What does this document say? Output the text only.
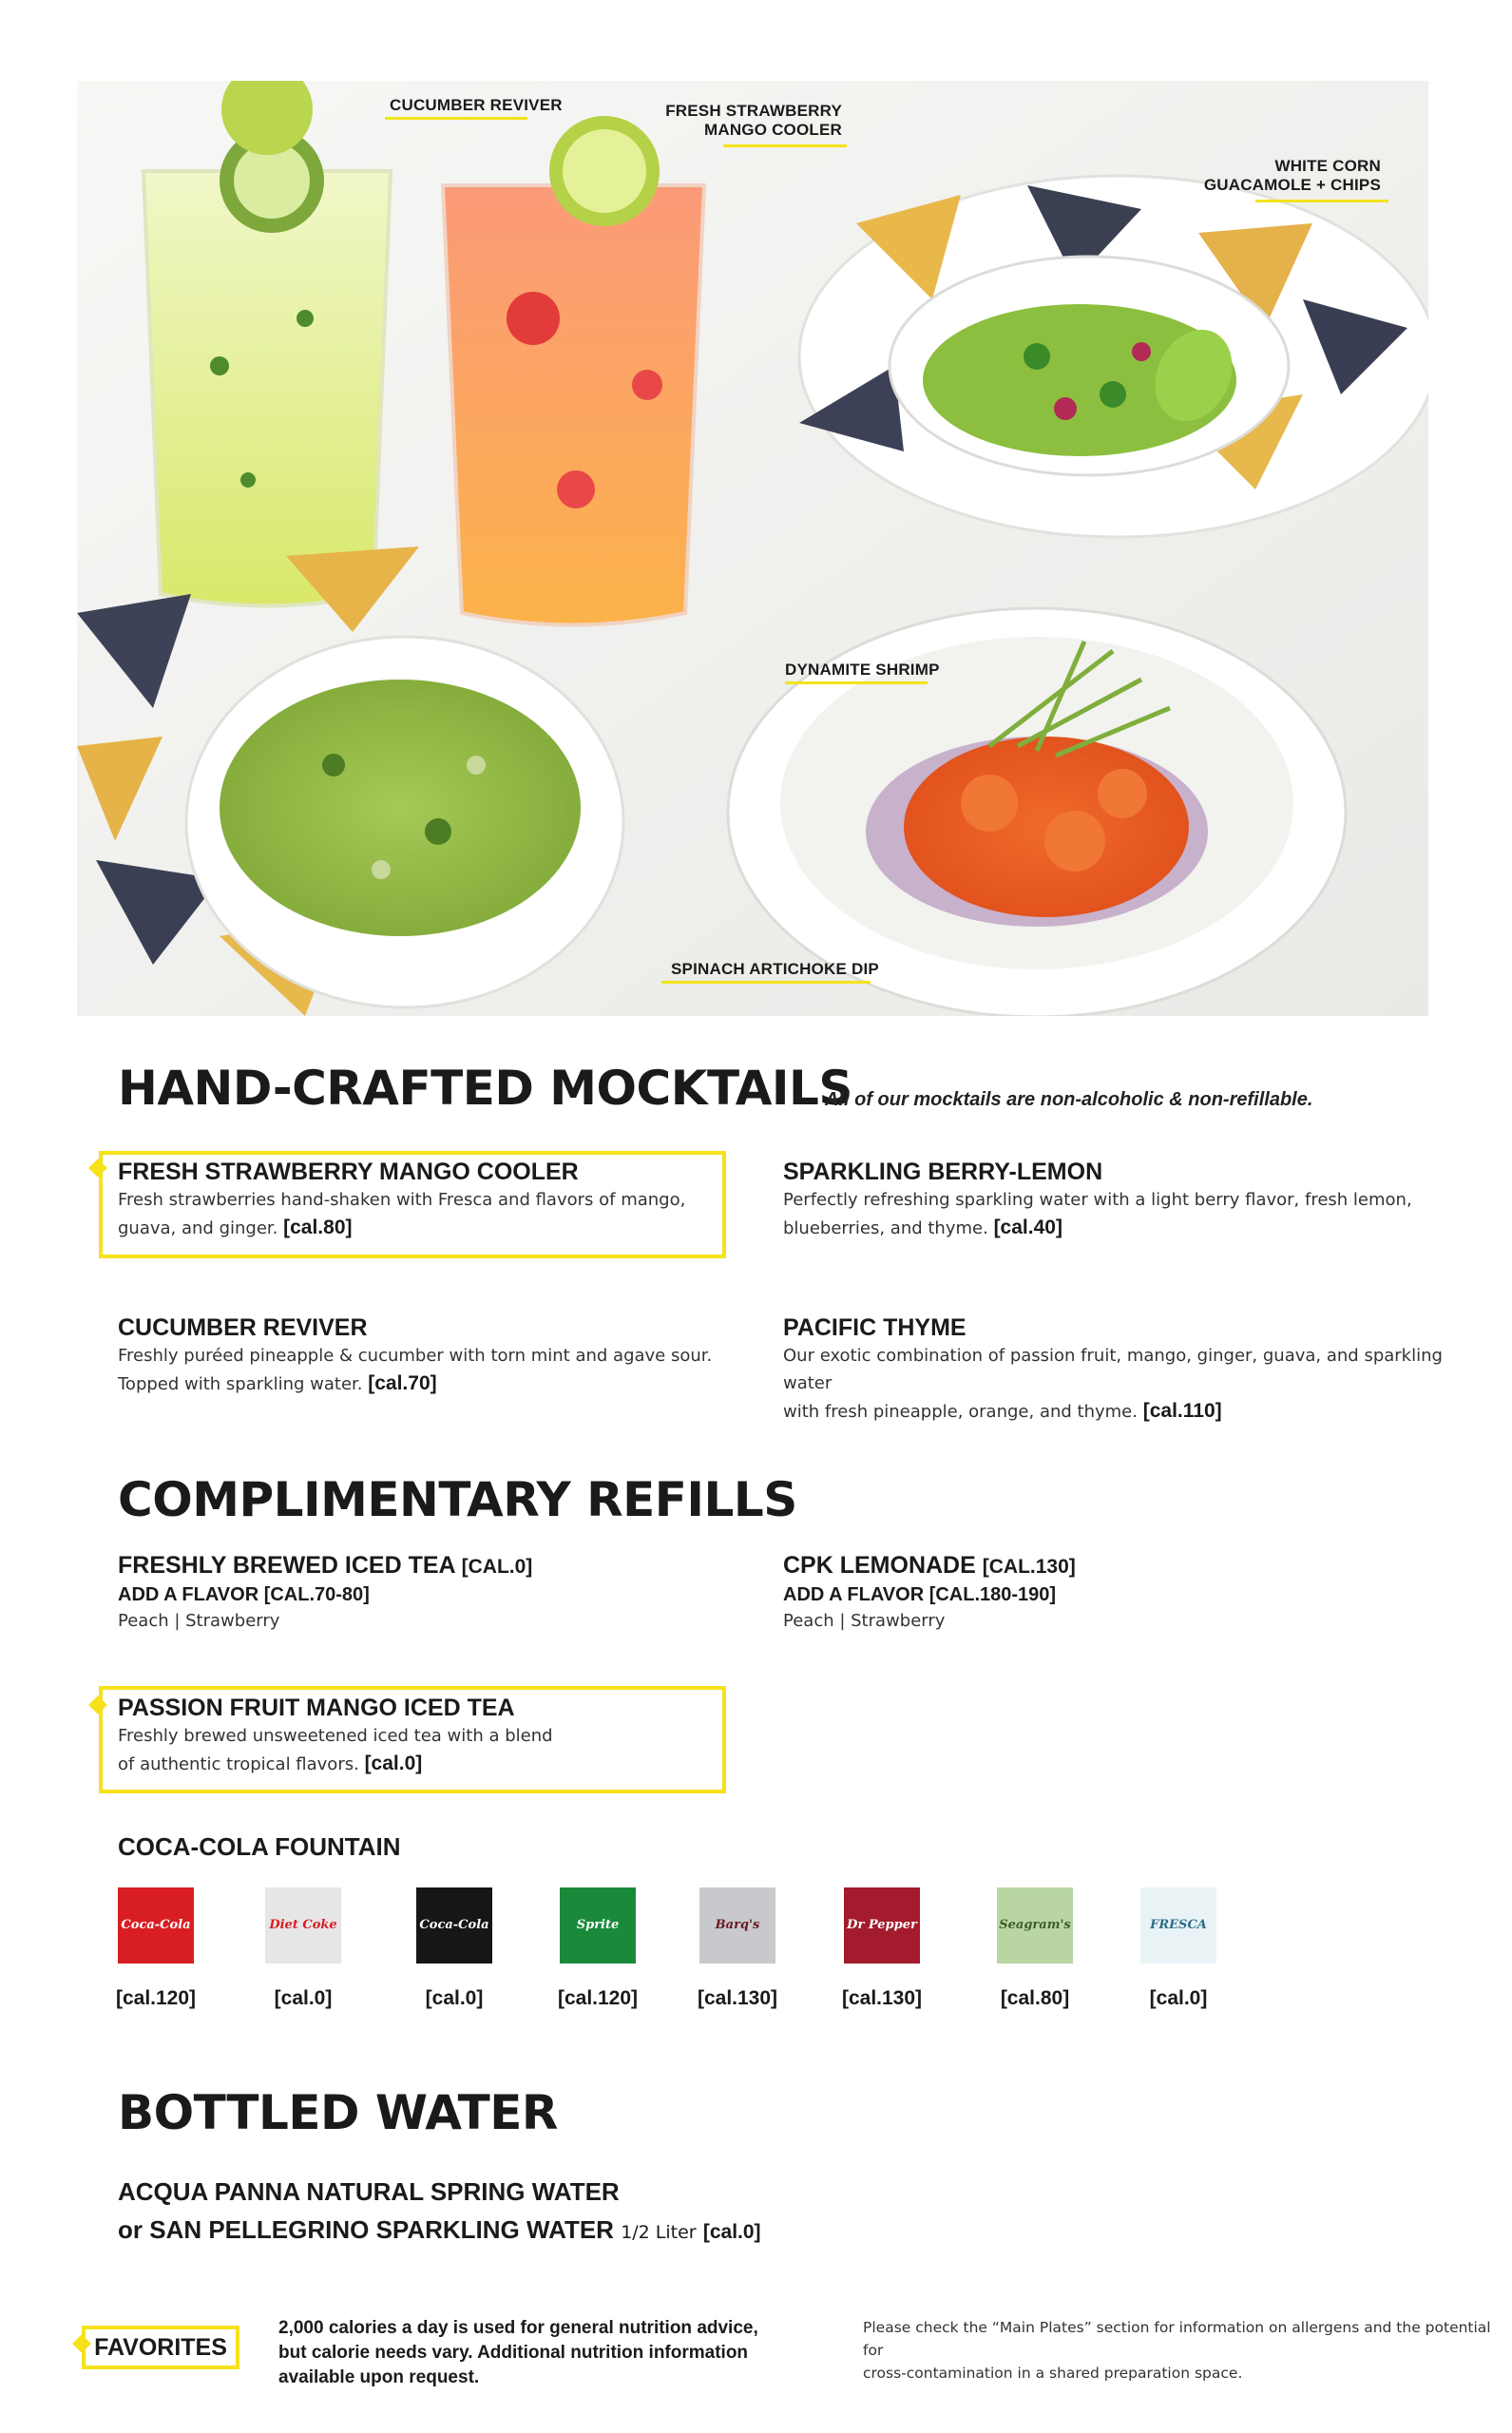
CUCUMBER REVIVER	FRESH STRAWBERRY
MANGO COOLER
WHITE CORN
GUACAMOLE + CHIPS
DYNAMITE SHRIMP
SPINACH ARTICHOKE DIP
HAND-CRAFTED MOCKTAILS
All of our mocktails are non-alcoholic & non-refillable.
FRESH STRAWBERRY MANGO COOLER
Fresh strawberries hand-shaken with Fresca and flavors of mango,
guava, and ginger. [cal.80]
SPARKLING BERRY-LEMON
Perfectly refreshing sparkling water with a light berry flavor, fresh lemon,
blueberries, and thyme. [cal.40]
CUCUMBER REVIVER
Freshly puréed pineapple & cucumber with torn mint and agave sour.
Topped with sparkling water. [cal.70]
PACIFIC THYME
Our exotic combination of passion fruit, mango, ginger, guava, and sparkling water
with fresh pineapple, orange, and thyme. [cal.110]
COMPLIMENTARY REFILLS
FRESHLY BREWED ICED TEA [CAL.0]
ADD A FLAVOR [CAL.70-80]
Peach | Strawberry
CPK LEMONADE [CAL.130]
ADD A FLAVOR [CAL.180-190]
Peach | Strawberry
PASSION FRUIT MANGO ICED TEA
Freshly brewed unsweetened iced tea with a blend
of authentic tropical flavors. [cal.0]
COCA-COLA FOUNTAIN
Coca-Cola
[cal.120]
Diet Coke
[cal.0]
Coca-Cola
[cal.0]
Sprite
[cal.120]
Barq's
[cal.130]
Dr Pepper
[cal.130]
Seagram's
[cal.80]
FRESCA
[cal.0]
BOTTLED WATER
ACQUA PANNA NATURAL SPRING WATER
or SAN PELLEGRINO SPARKLING WATER 1/2 Liter [cal.0]
FAVORITES
2,000 calories a day is used for general nutrition advice,
but calorie needs vary. Additional nutrition information
available upon request.
Please check the “Main Plates” section for information on allergens and the potential for
cross-contamination in a shared preparation space.
